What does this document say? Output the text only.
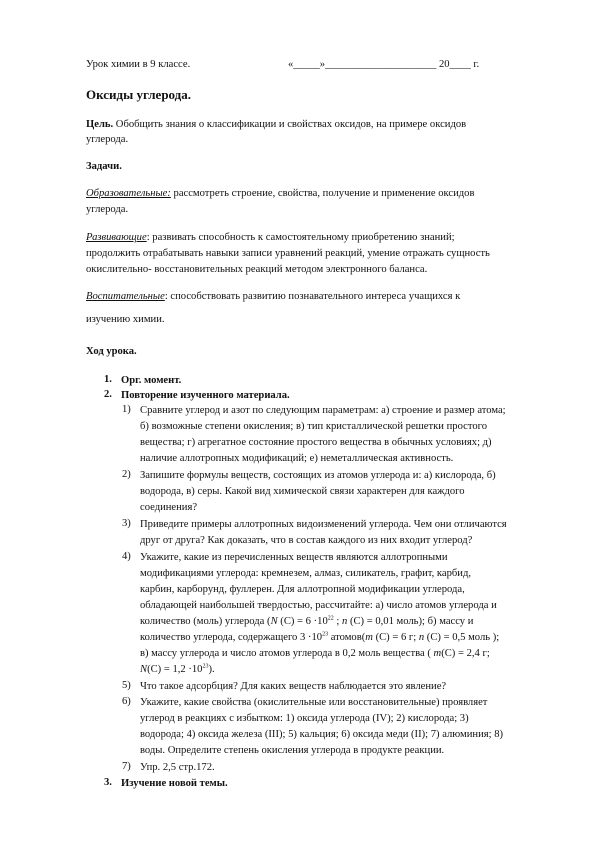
Урок химии в 9 классе.	«_____»_____________________ 20____ г.
Оксиды углерода.
Цель. Обобщить знания о классификации и свойствах оксидов, на примере оксидов
углерода.
Задачи.
Образовательные: рассмотреть строение, свойства, получение и применение оксидов
углерода.
Развивающие: развивать способность к самостоятельному приобретению знаний;
продолжить отрабатывать навыки записи уравнений реакций, умение отражать сущность
окислительно- восстановительных реакций методом электронного баланса.
Воспитательные: способствовать развитию познавательного интереса учащихся к
изучению химии.
Ход урока.
1. Орг. момент.
2. Повторение изученного материала.
1) Сравните углерод и азот по следующим параметрам: а) строение и размер атома;
б) возможные степени окисления; в) тип кристаллической решетки простого
вещества; г) агрегатное состояние простого вещества в обычных условиях; д)
наличие аллотропных модификаций; е) неметаллическая активность.
2) Запишите формулы веществ, состоящих из атомов углерода и: а) кислорода, б)
водорода, в) серы. Какой вид химической связи характерен для каждого
соединения?
3) Приведите примеры аллотропных видоизменений углерода. Чем они отличаются
друг от друга? Как доказать, что в состав каждого из них входит углерод?
4) Укажите, какие из перечисленных веществ являются аллотропными
модификациями углерода: кремнезем, алмаз, силикатель, графит, карбид,
карбин, карборунд, фуллерен. Для аллотропной модификации углерода,
обладающей наибольшей твердостью, рассчитайте: а) число атомов углерода и
количество (моль) углерода (N $(C) = 6 \cdot 10^{22}$ ; n (C) = 0,01 моль); б) массу и
количество углерода, содержащего $3 \cdot 10^{23}$ атомов(m (C) = 6 г; n (C) = 0,5 моль );
в) массу углерода и число атомов углерода в 0,2 моль вещества ( m(C) = 2,4 г;
$N(C) = 1,2 \cdot 10^{23}$).
5) Что такое адсорбция? Для каких веществ наблюдается это явление?
6) Укажите, какие свойства (окислительные или восстановительные) проявляет
углерод в реакциях с избытком: 1) оксида углерода (IV); 2) кислорода; 3)
водорода; 4) оксида железа (III); 5) кальция; 6) оксида меди (II); 7) алюминия; 8)
воды. Определите степень окисления углерода в продукте реакции.
7) Упр. 2,5 стр.172.
3. Изучение новой темы.
